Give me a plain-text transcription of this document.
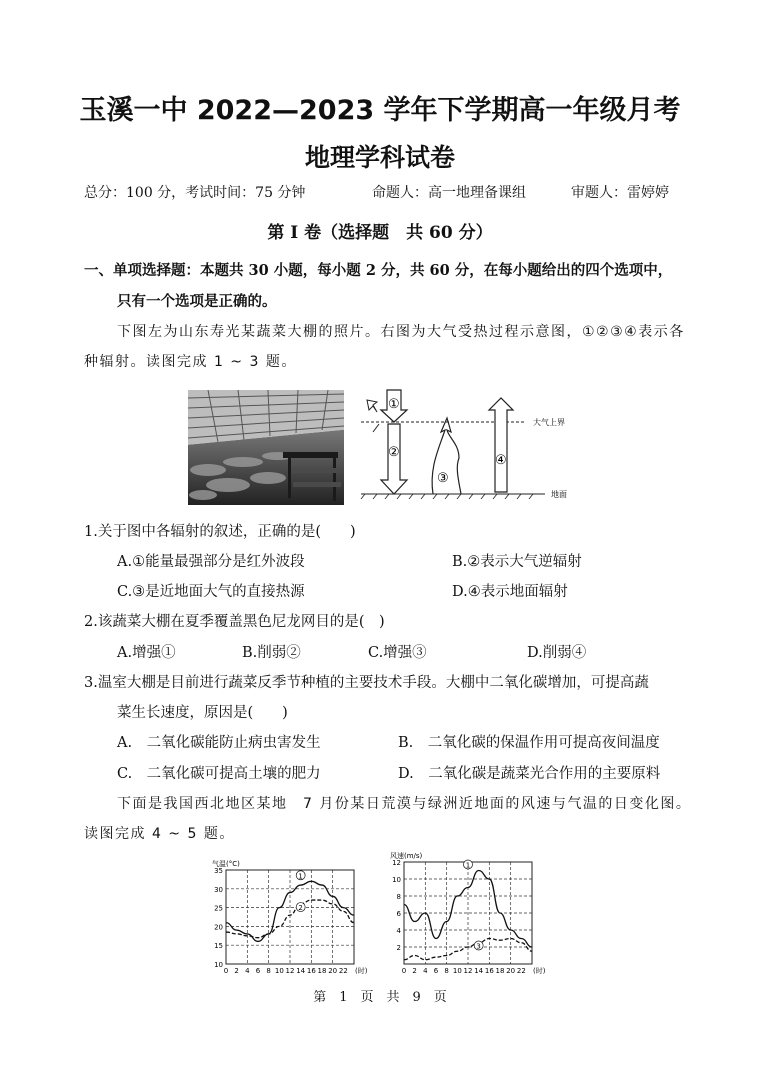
玉溪一中 2022—2023 学年下学期高一年级月考
地理学科试卷
总分：100 分，考试时间：75 分钟	命题人：高一地理备课组	审题人：雷婷婷
第 I 卷（选择题　共 60 分）
一、单项选择题：本题共 30 小题，每小题 2 分，共 60 分，在每小题给出的四个选项中，
只有一个选项是正确的。
下图左为山东寿光某蔬菜大棚的照片。右图为大气受热过程示意图，①②③④表示各
种辐射。读图完成 1 ~ 3 题。
大气上界
地面
①
②
③
④
1.关于图中各辐射的叙述，正确的是(　　)
A.①能量最强部分是红外波段	B.②表示大气逆辐射
C.③是近地面大气的直接热源	D.④表示地面辐射
2.该蔬菜大棚在夏季覆盖黑色尼龙网目的是(　)
A.增强①	B.削弱②	C.增强③	D.削弱④
3.温室大棚是目前进行蔬菜反季节种植的主要技术手段。大棚中二氧化碳增加，可提高蔬
菜生长速度，原因是(　　)
A.　二氧化碳能防止病虫害发生	B.　二氧化碳的保温作用可提高夜间温度
C.　二氧化碳可提高土壤的肥力	D.　二氧化碳是蔬菜光合作用的主要原料
下面是我国西北地区某地　7 月份某日荒漠与绿洲近地面的风速与气温的日变化图。
读图完成 4 ~ 5 题。
10
15
20
25
30
35
0 2 4 6 8 10 12 14 16 18 20 22
气温(°C)
(时)
1
2
2
4
6
8
10
12
0 2 4 6 8 10 12 14 16 18 20 22
风速(m/s)
(时)
1
3
第　1　页　共　9　页
